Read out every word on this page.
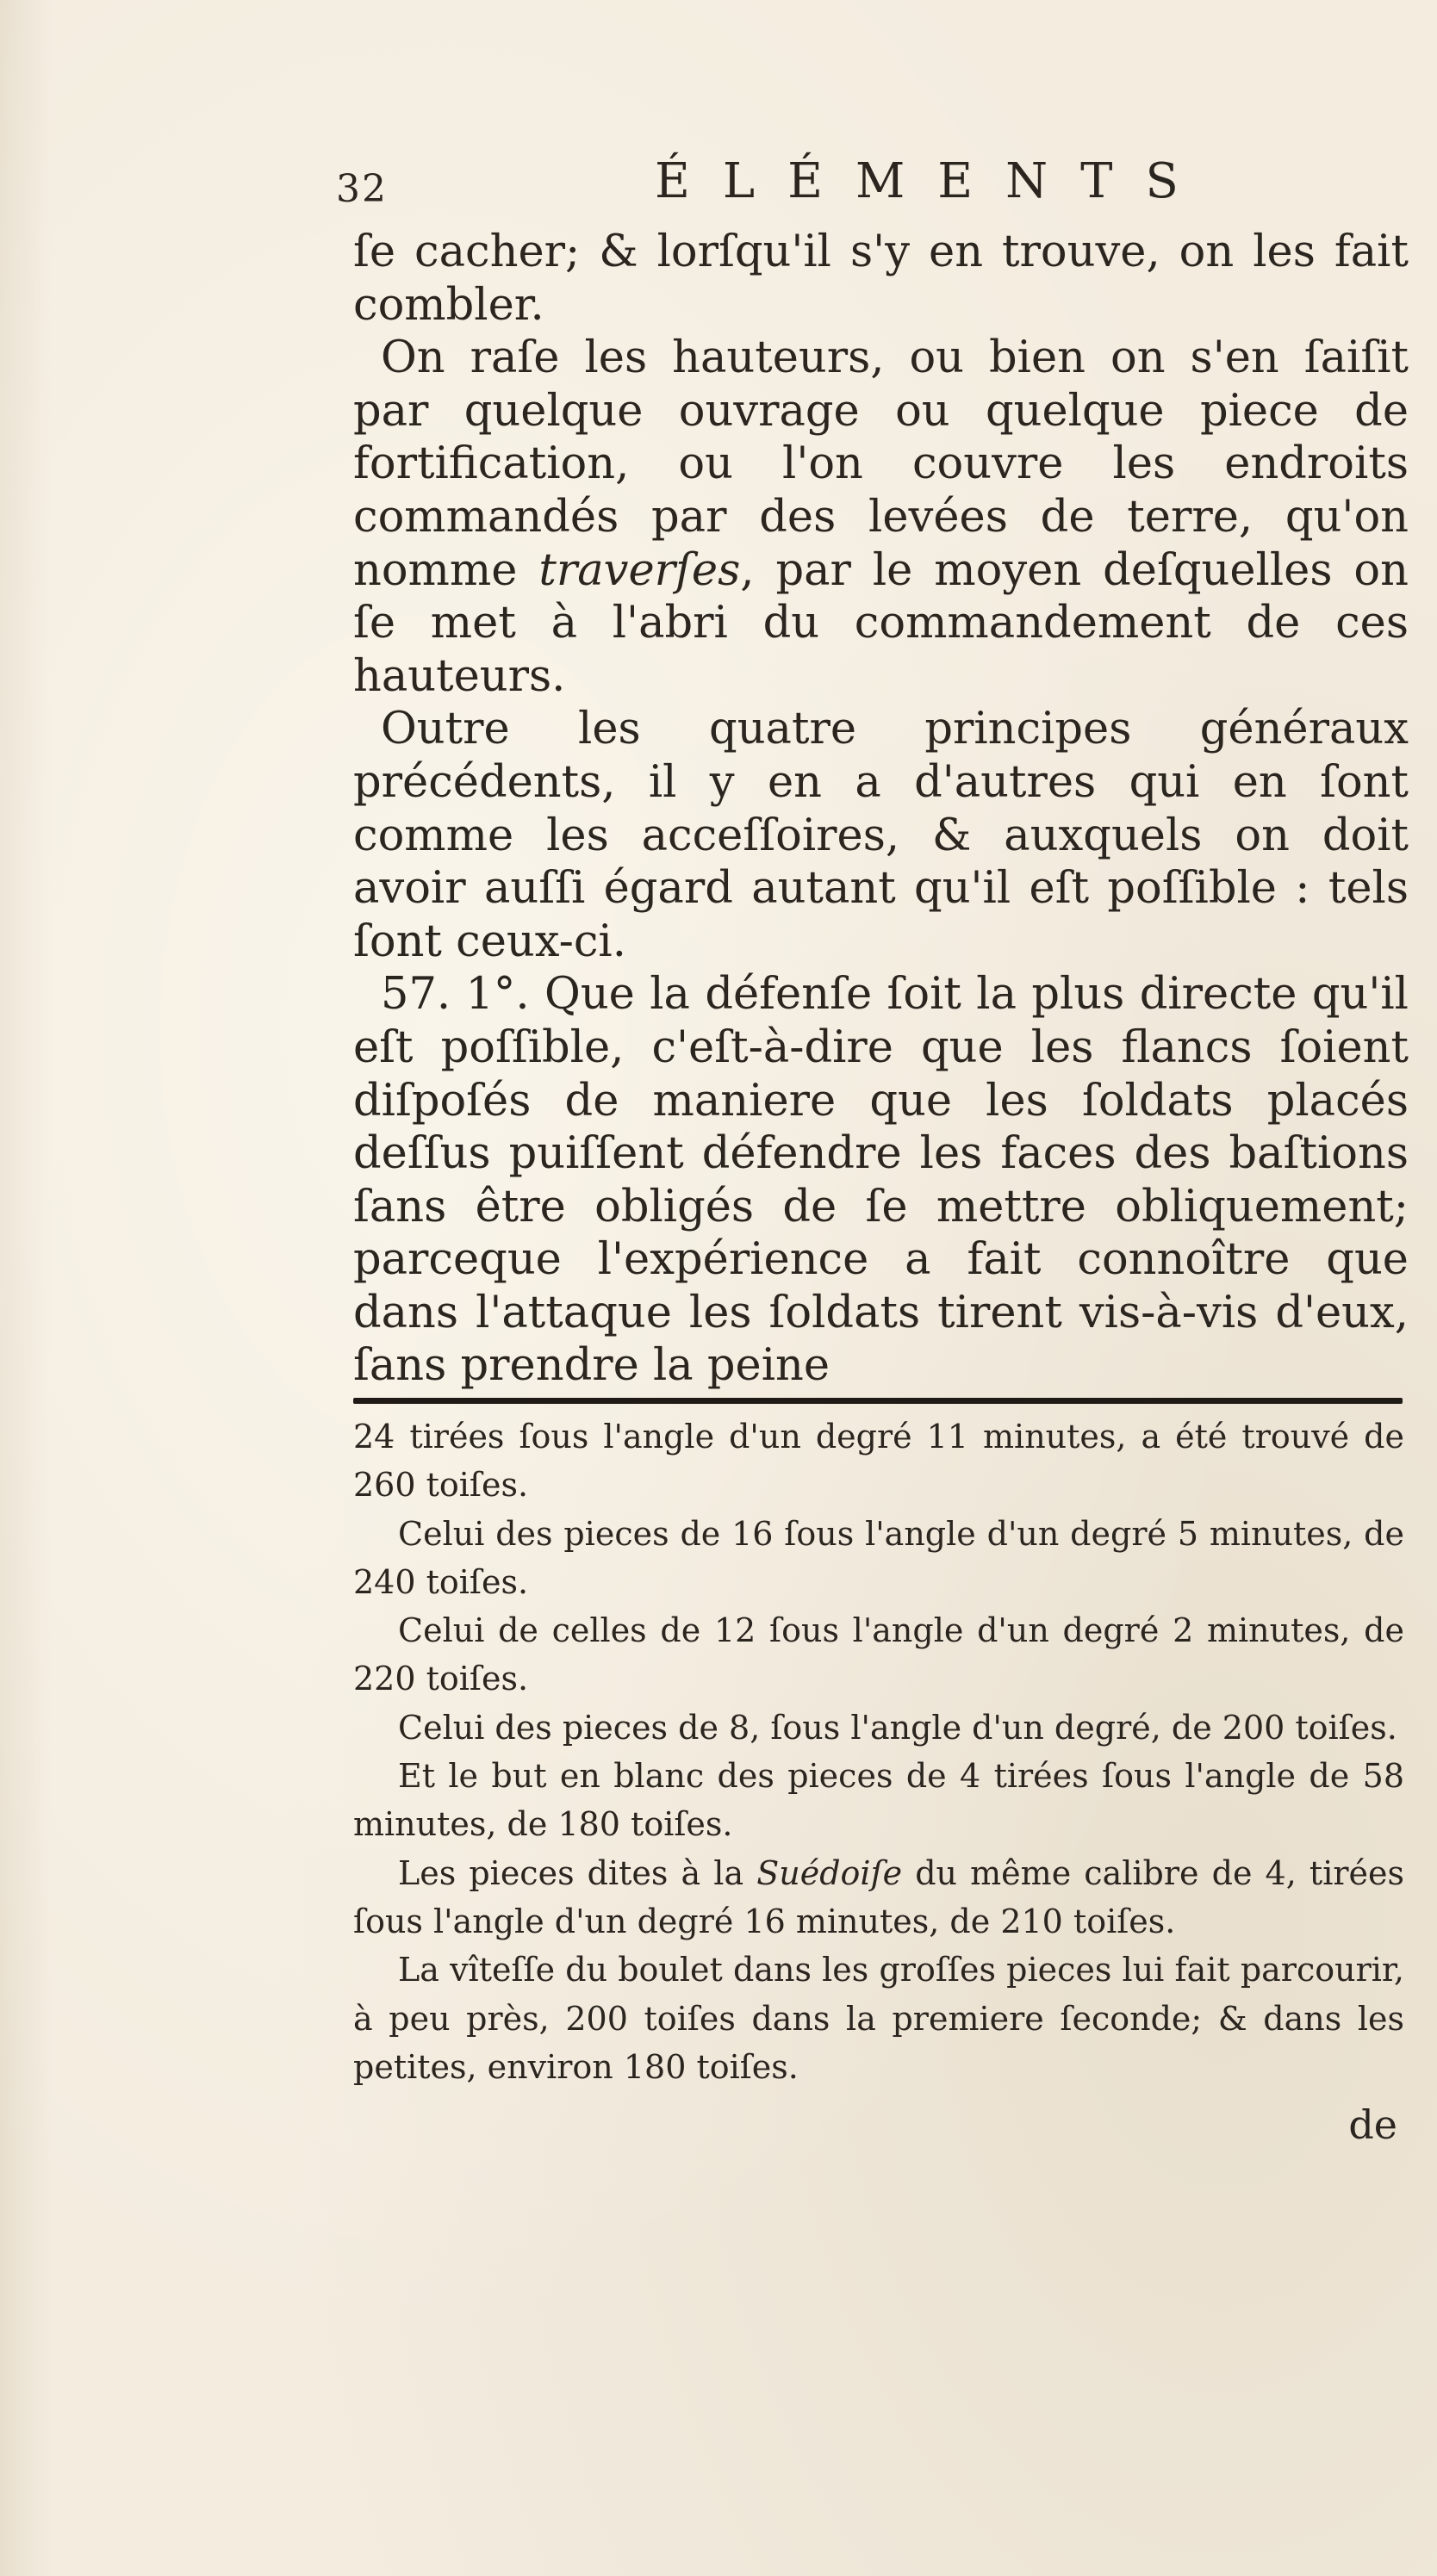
32	ÉLÉMENTS

ſe cacher; & lorſqu'il s'y en trouve, on les fait combler.

On raſe les hauteurs, ou bien on s'en ſaiſit par quelque ouvrage ou quelque piece de fortification, ou l'on couvre les endroits commandés par des levées de terre, qu'on nomme traverſes, par le moyen deſquelles on ſe met à l'abri du commandement de ces hauteurs.

Outre les quatre principes généraux précédents, il y en a d'autres qui en ſont comme les acceſſoires, & auxquels on doit avoir auſſi égard autant qu'il eſt poſſible : tels ſont ceux-ci.

57. 1°. Que la défenſe ſoit la plus directe qu'il eſt poſſible, c'eſt-à-dire que les flancs ſoient diſpoſés de maniere que les ſoldats placés deſſus puiſſent défendre les faces des baſtions ſans être obligés de ſe mettre obliquement; parceque l'expérience a fait connoître que dans l'attaque les ſoldats tirent vis-à-vis d'eux, ſans prendre la peine

24 tirées ſous l'angle d'un degré 11 minutes, a été trouvé de 260 toiſes.

Celui des pieces de 16 ſous l'angle d'un degré 5 minutes, de 240 toiſes.

Celui de celles de 12 ſous l'angle d'un degré 2 minutes, de 220 toiſes.

Celui des pieces de 8, ſous l'angle d'un degré, de 200 toiſes.

Et le but en blanc des pieces de 4 tirées ſous l'angle de 58 minutes, de 180 toiſes.

Les pieces dites à la Suédoiſe du même calibre de 4, tirées ſous l'angle d'un degré 16 minutes, de 210 toiſes.

La vîteſſe du boulet dans les groſſes pieces lui fait parcourir, à peu près, 200 toiſes dans la premiere ſeconde; & dans les petites, environ 180 toiſes.

de
